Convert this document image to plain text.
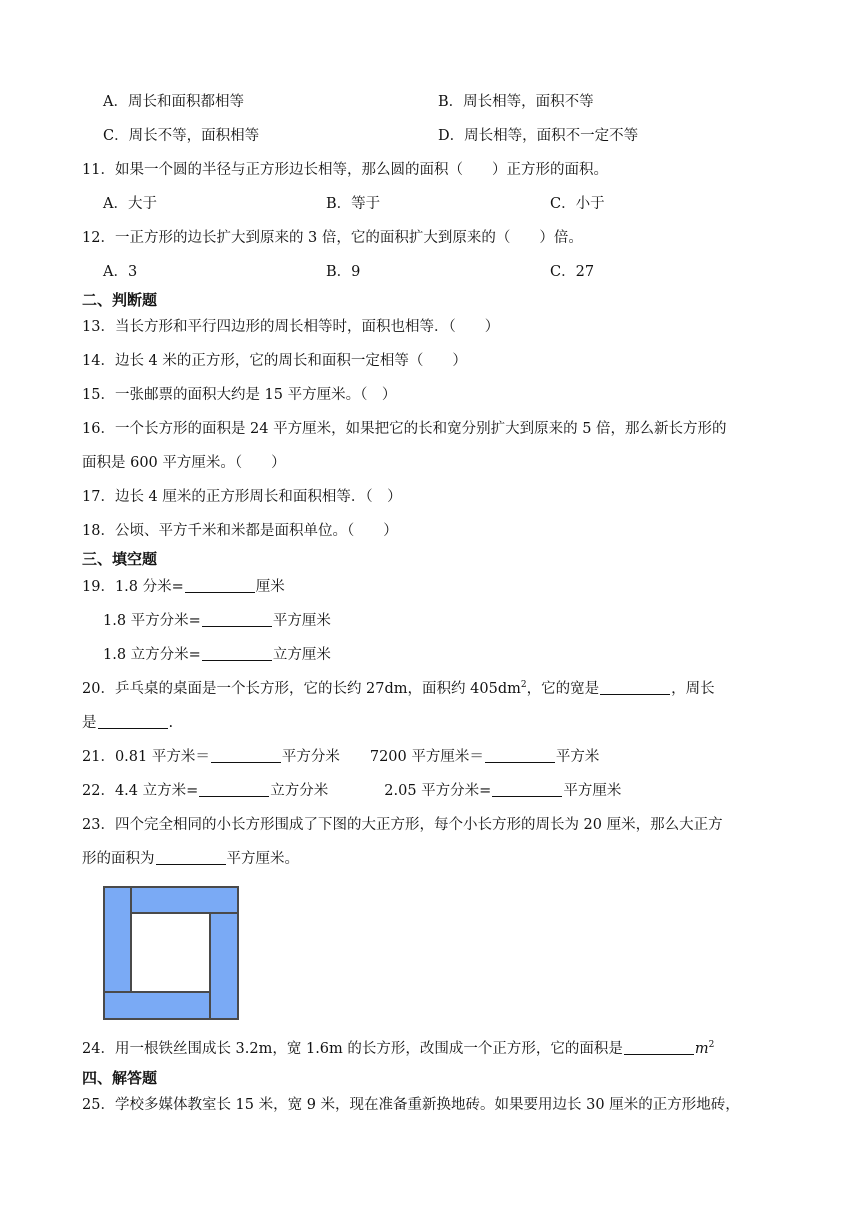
A．周长和面积都相等	B．周长相等，面积不等
C．周长不等，面积相等	D．周长相等，面积不一定不等
11．如果一个圆的半径与正方形边长相等，那么圆的面积（　　）正方形的面积。
A．大于	B．等于	C．小于
12．一正方形的边长扩大到原来的 3 倍，它的面积扩大到原来的（　　）倍。
A．3	B．9	C．27
二、判断题
13．当长方形和平行四边形的周长相等时，面积也相等．（　　）
14．边长 4 米的正方形，它的周长和面积一定相等（　　）
15．一张邮票的面积大约是 15 平方厘米。（　）
16．一个长方形的面积是 24 平方厘米，如果把它的长和宽分别扩大到原来的 5 倍，那么新长方形的
面积是 600 平方厘米。（　　）
17．边长 4 厘米的正方形周长和面积相等．（　）
18．公顷、平方千米和米都是面积单位。（　　）
三、填空题
19．1.8 分米=	厘米
1.8 平方分米=	平方厘米
1.8 立方分米=	立方厘米
20．乒乓桌的桌面是一个长方形，它的长约 27dm，面积约 $405dm^2$，它的宽是	，周长
是	.
21．0.81 平方米＝	平方分米 7200 平方厘米＝	平方米
22．4.4 立方米=	立方分米	2.05 平方分米=	平方厘米
23．四个完全相同的小长方形围成了下图的大正方形，每个小长方形的周长为 20 厘米，那么大正方
形的面积为	平方厘米。
24．用一根铁丝围成长 3.2m，宽 1.6m 的长方形，改围成一个正方形，它的面积是	$m^2$
四、解答题
25．学校多媒体教室长 15 米，宽 9 米，现在准备重新换地砖。如果要用边长 30 厘米的正方形地砖，
